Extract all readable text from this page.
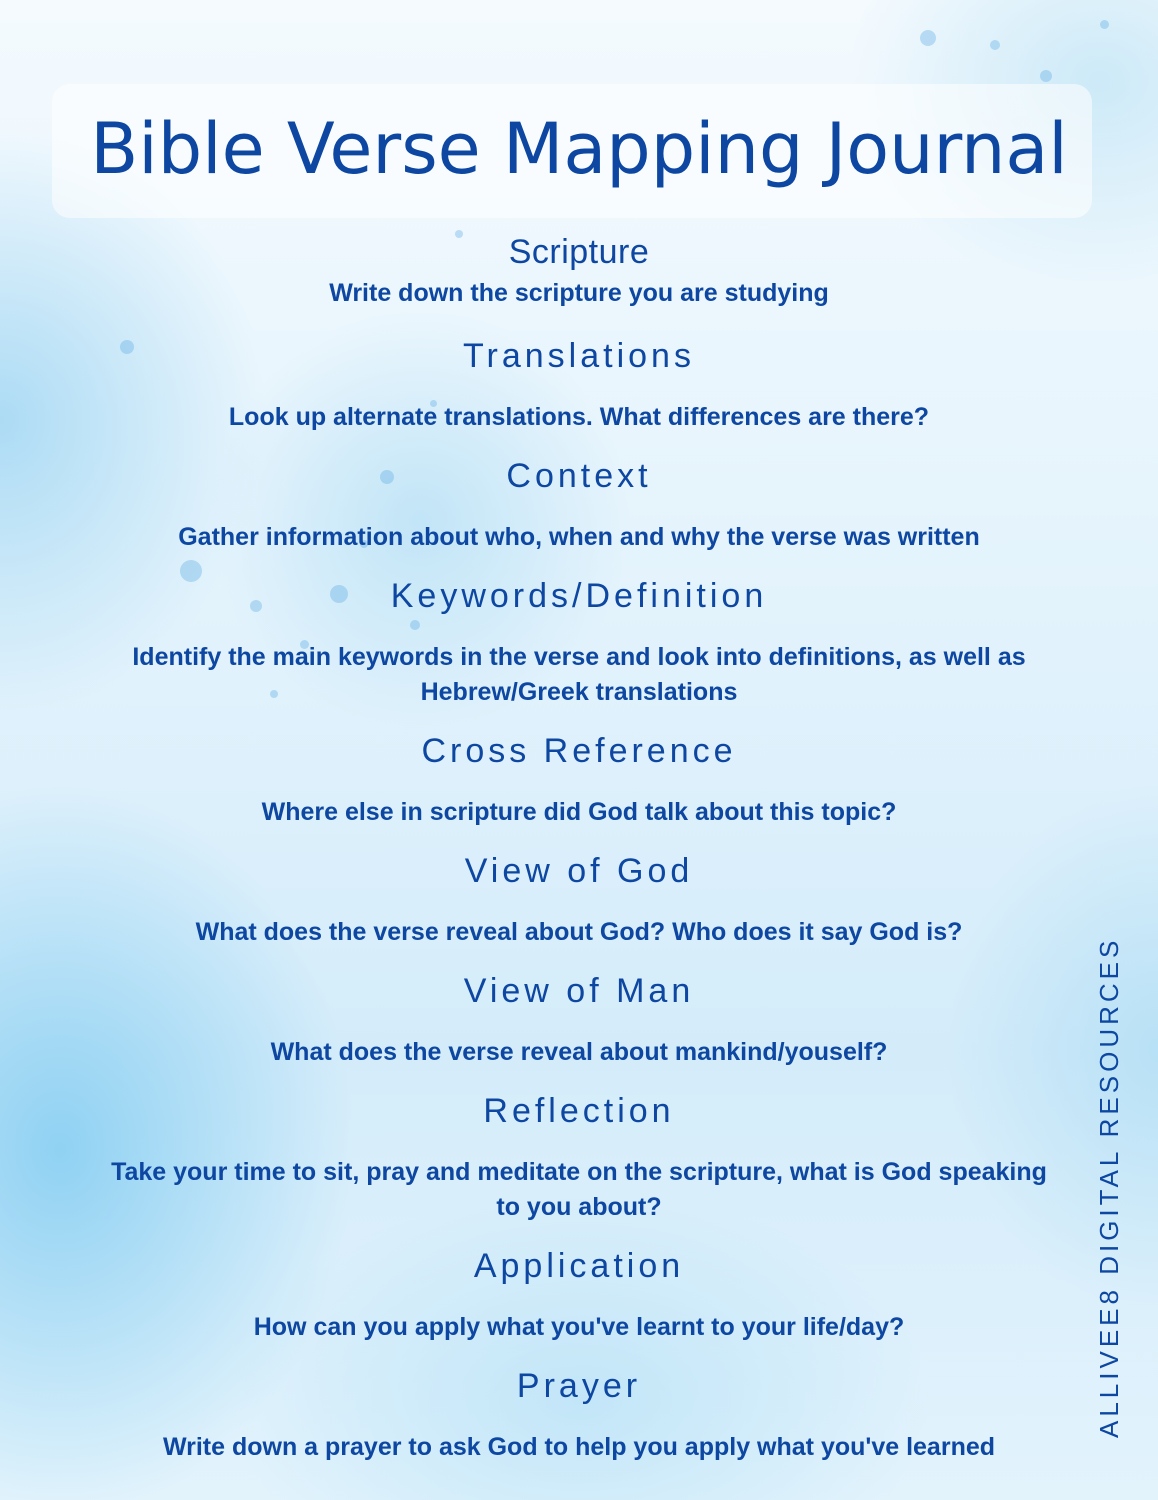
Bible Verse Mapping Journal
Scripture

Write down the scripture you are studying

Translations

Look up alternate translations. What differences are there?

Context

Gather information about who, when and why the verse was written

Keywords/Definition

Identify the main keywords in the verse and look into definitions, as well as Hebrew/Greek translations

Cross Reference

Where else in scripture did God talk about this topic?

View of God

What does the verse reveal about God? Who does it say God is?

View of Man

What does the verse reveal about mankind/youself?

Reflection

Take your time to sit, pray and meditate on the scripture, what is God speaking to you about?

Application

How can you apply what you've learnt to your life/day?

Prayer

Write down a prayer to ask God to help you apply what you've learned

ALLIVEE8 DIGITAL RESOURCES
